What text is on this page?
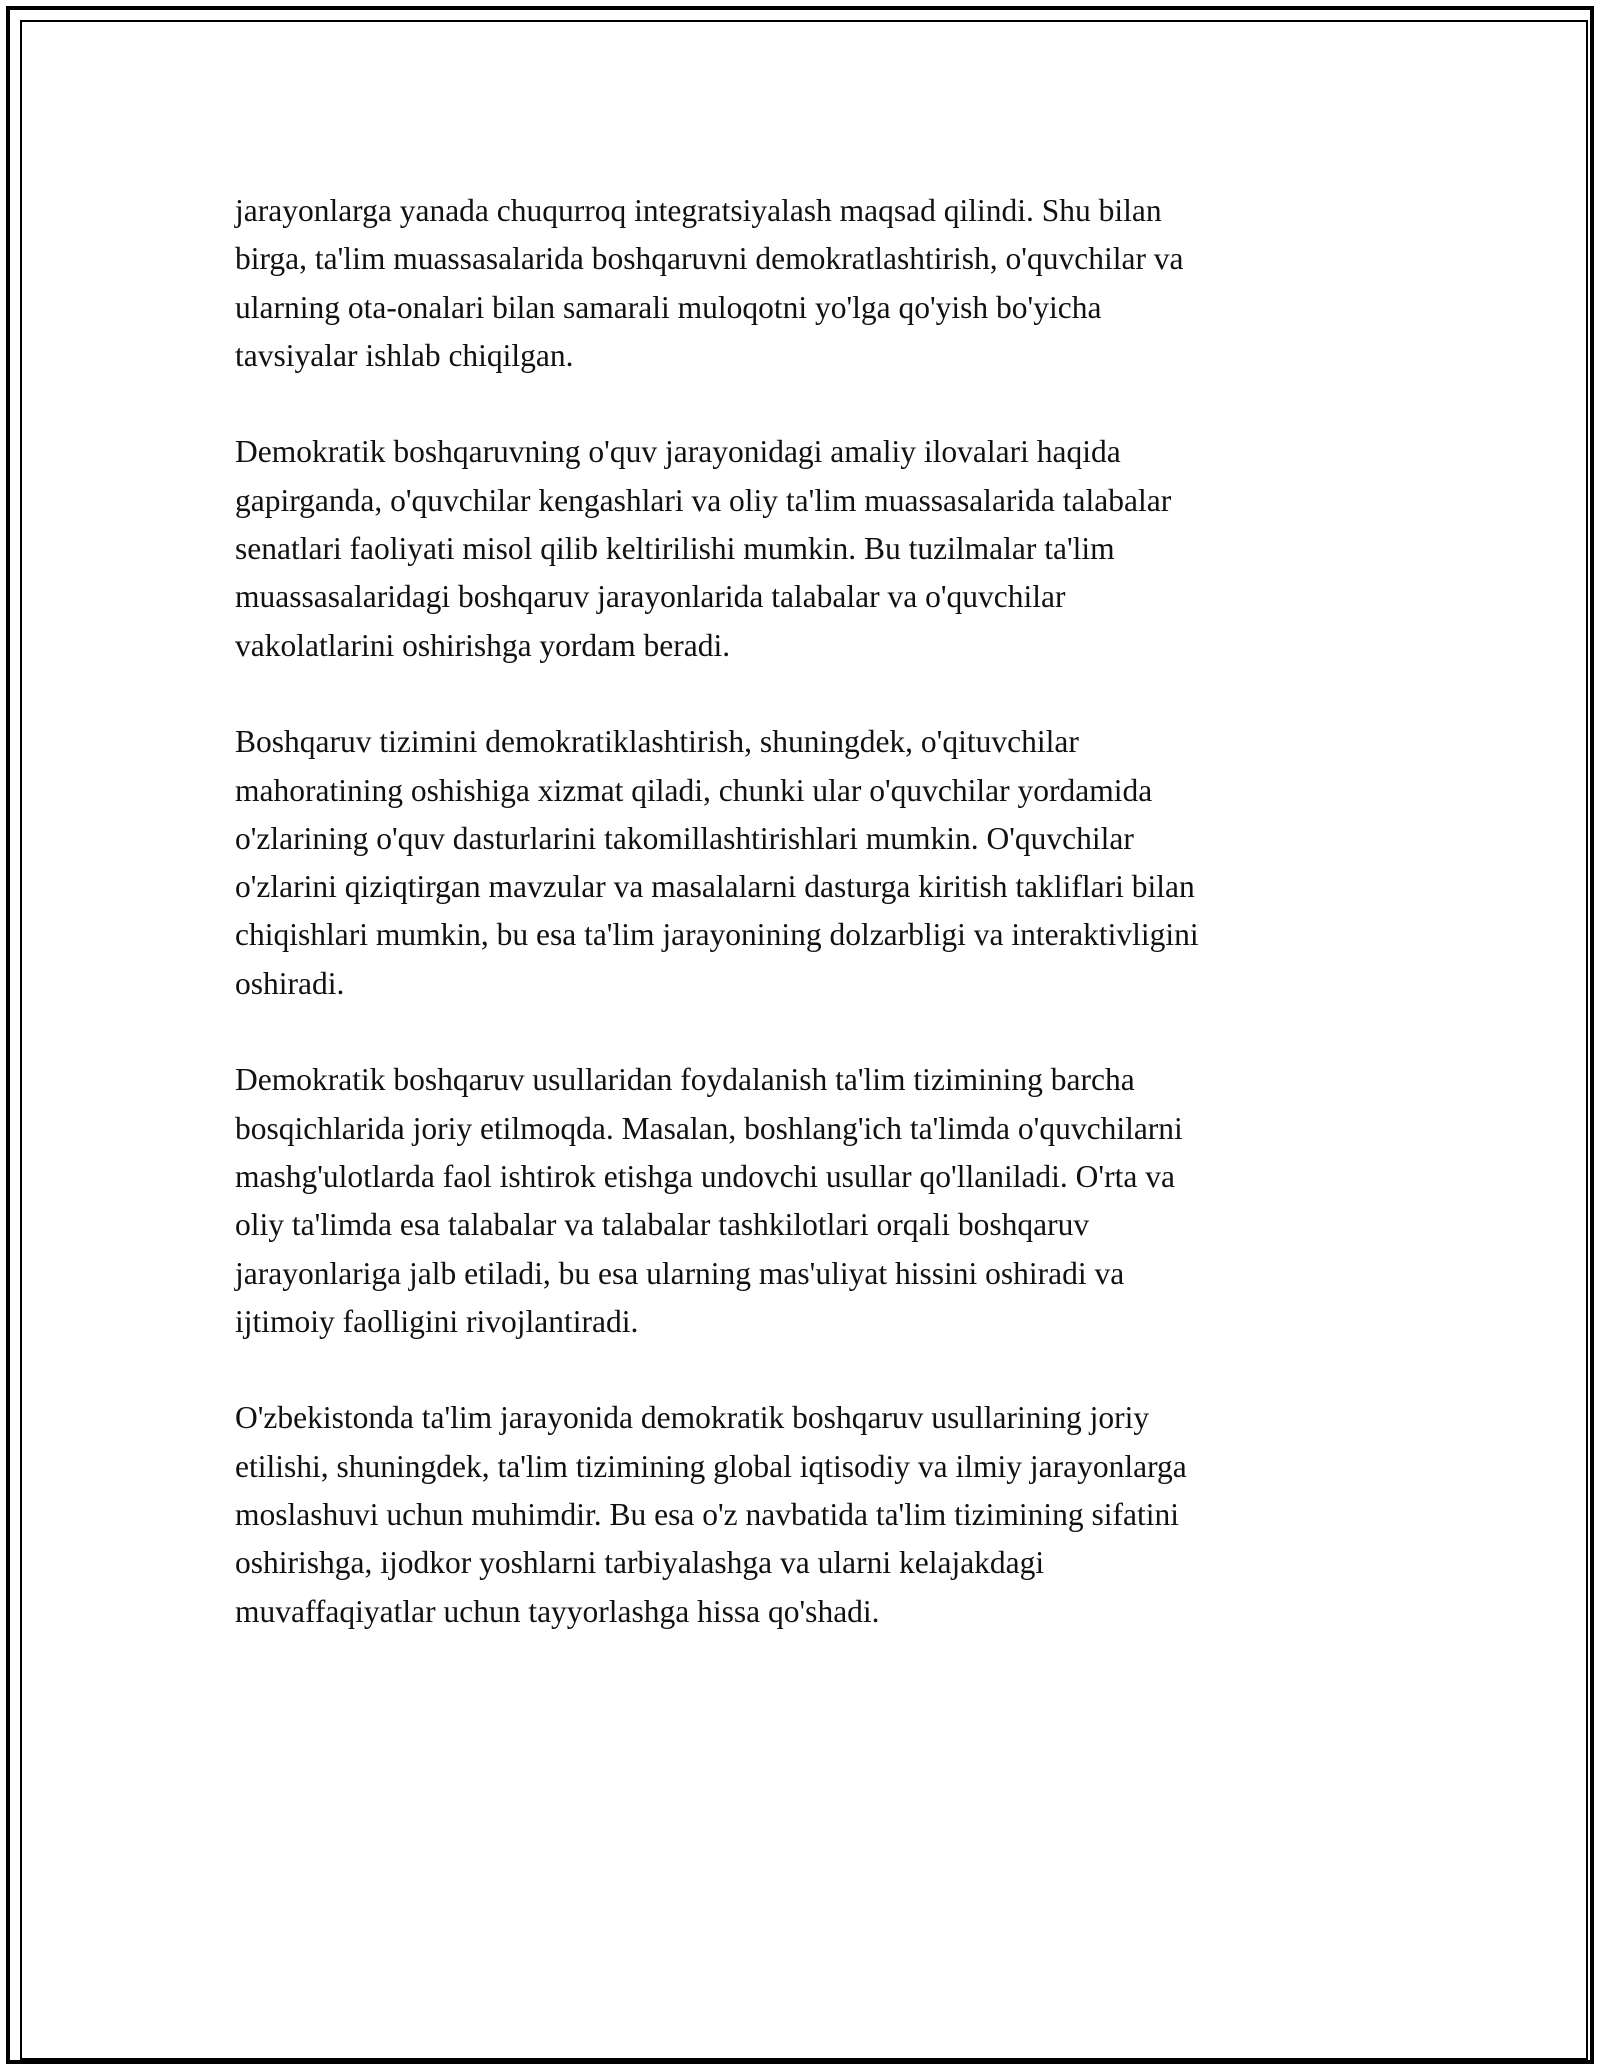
jarayonlarga yanada chuqurroq integratsiyalash maqsad qilindi. Shu bilan
birga, ta'lim muassasalarida boshqaruvni demokratlashtirish, o'quvchilar va
ularning ota-onalari bilan samarali muloqotni yo'lga qo'yish bo'yicha
tavsiyalar ishlab chiqilgan.

Demokratik boshqaruvning o'quv jarayonidagi amaliy ilovalari haqida
gapirganda, o'quvchilar kengashlari va oliy ta'lim muassasalarida talabalar
senatlari faoliyati misol qilib keltirilishi mumkin. Bu tuzilmalar ta'lim
muassasalaridagi boshqaruv jarayonlarida talabalar va o'quvchilar
vakolatlarini oshirishga yordam beradi.

Boshqaruv tizimini demokratiklashtirish, shuningdek, o'qituvchilar
mahoratining oshishiga xizmat qiladi, chunki ular o'quvchilar yordamida
o'zlarining o'quv dasturlarini takomillashtirishlari mumkin. O'quvchilar
o'zlarini qiziqtirgan mavzular va masalalarni dasturga kiritish takliflari bilan
chiqishlari mumkin, bu esa ta'lim jarayonining dolzarbligi va interaktivligini
oshiradi.

Demokratik boshqaruv usullaridan foydalanish ta'lim tizimining barcha
bosqichlarida joriy etilmoqda. Masalan, boshlang'ich ta'limda o'quvchilarni
mashg'ulotlarda faol ishtirok etishga undovchi usullar qo'llaniladi. O'rta va
oliy ta'limda esa talabalar va talabalar tashkilotlari orqali boshqaruv
jarayonlariga jalb etiladi, bu esa ularning mas'uliyat hissini oshiradi va
ijtimoiy faolligini rivojlantiradi.

O'zbekistonda ta'lim jarayonida demokratik boshqaruv usullarining joriy
etilishi, shuningdek, ta'lim tizimining global iqtisodiy va ilmiy jarayonlarga
moslashuvi uchun muhimdir. Bu esa o'z navbatida ta'lim tizimining sifatini
oshirishga, ijodkor yoshlarni tarbiyalashga va ularni kelajakdagi
muvaffaqiyatlar uchun tayyorlashga hissa qo'shadi.
